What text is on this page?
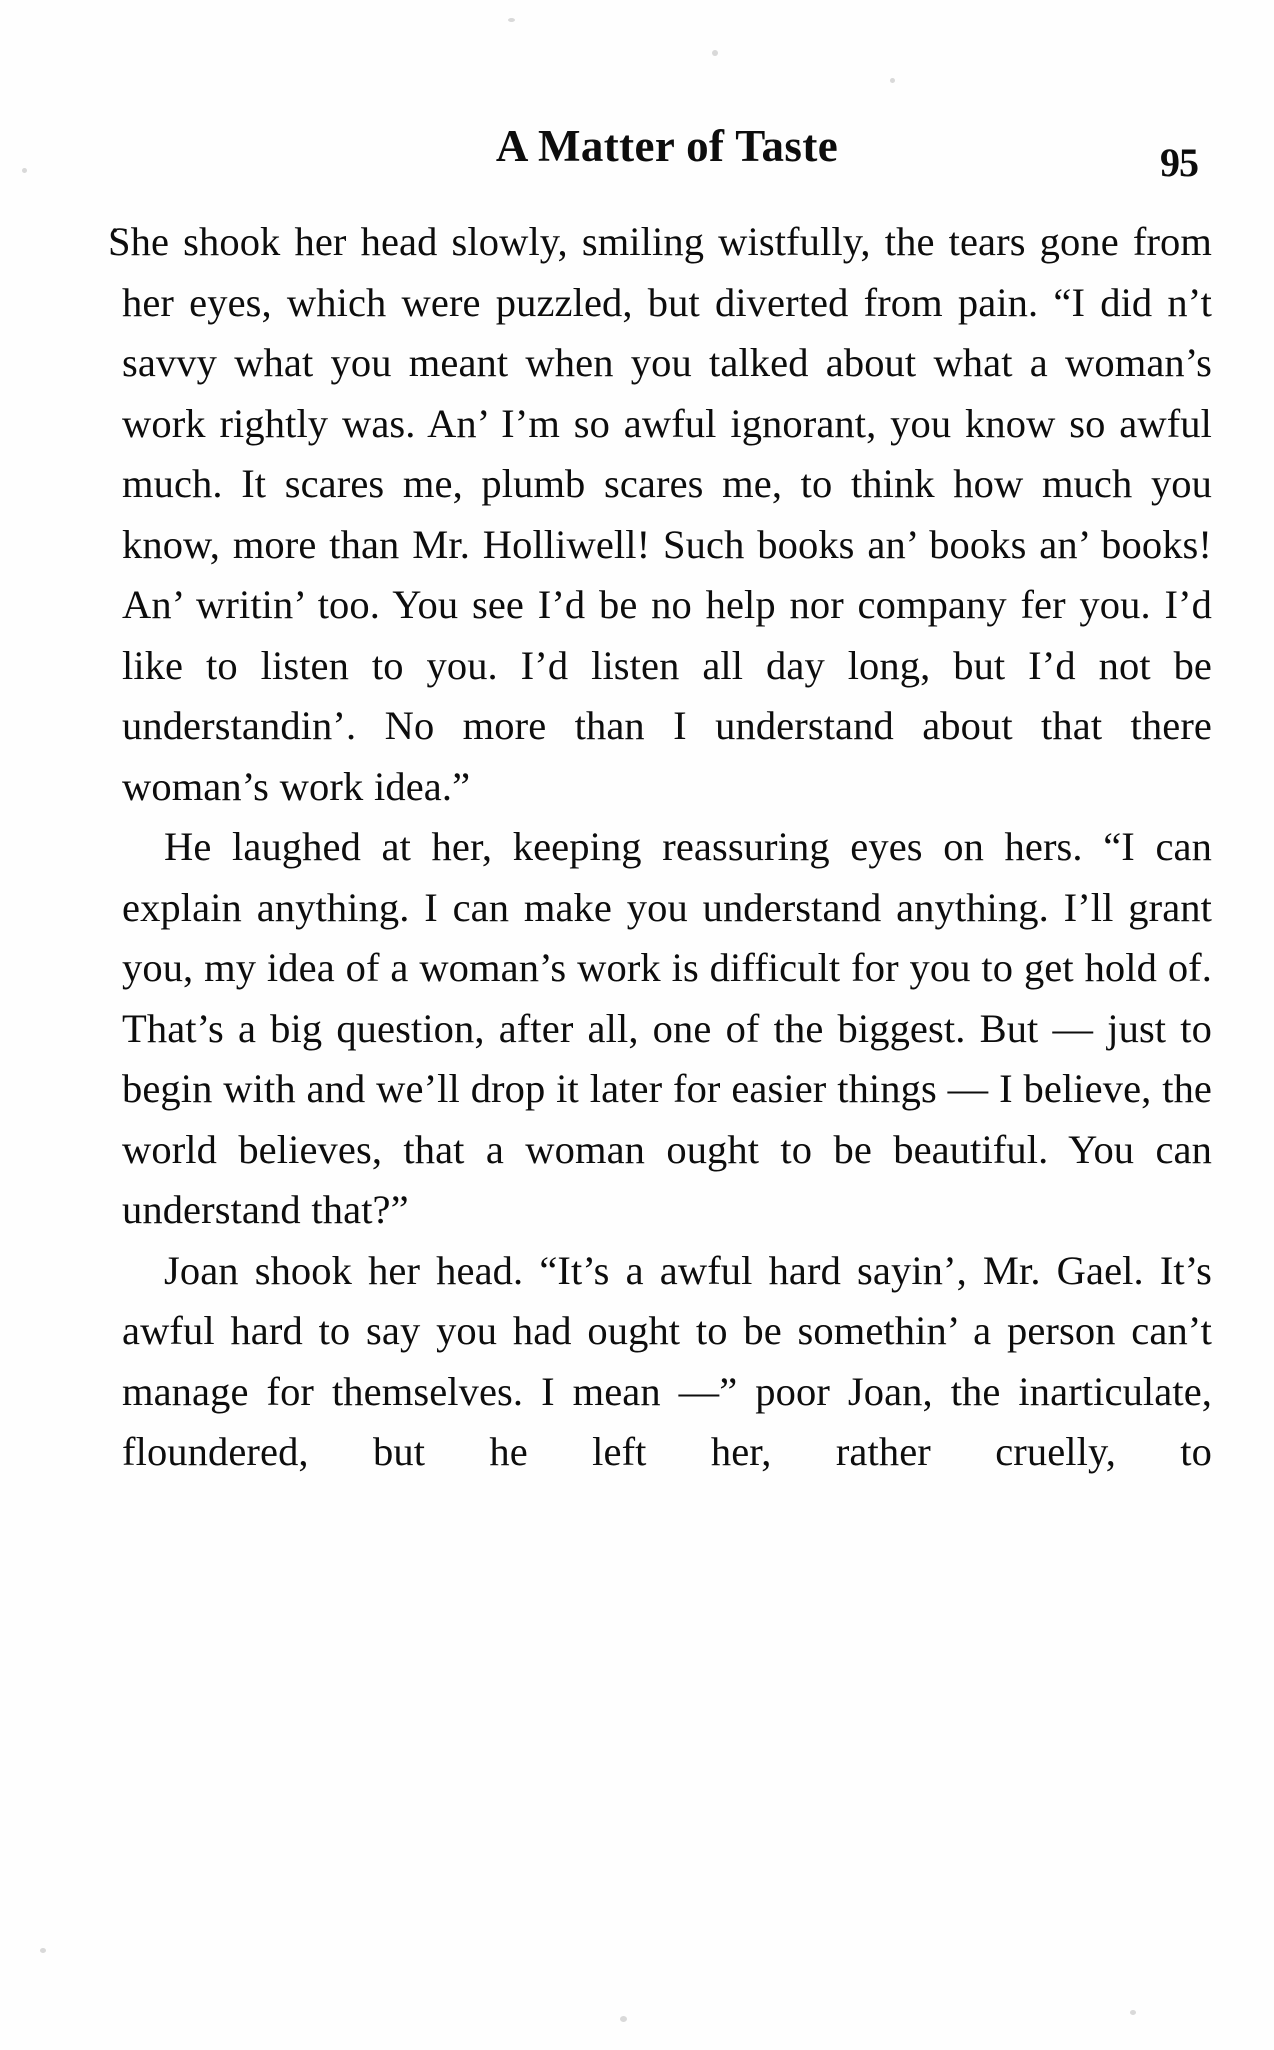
A Matter of Taste	95

˙ She shook her head slowly, smiling wistfully, the tears gone from her eyes, which were puzzled, but diverted from pain. “I did n’t savvy what you meant when you talked about what a woman’s work rightly was. An’ I’m so awful ignorant, you know so awful much. It scares me, plumb scares me, to think how much you know, more than Mr. Holliwell! Such books an’ books an’ books! An’ writin’ too. You see I’d be no help nor company fer you. I’d like to listen to you. I’d listen all day long, but I’d not be understandin’. No more than I understand about that there woman’s work idea.”

He laughed at her, keeping reassuring eyes on hers. “I can explain anything. I can make you understand anything. I’ll grant you, my idea of a woman’s work is difficult for you to get hold of. That’s a big question, after all, one of the biggest. But — just to begin with and we’ll drop it later for easier things — I believe, the world believes, that a woman ought to be beautiful. You can understand that?”

Joan shook her head. “It’s a awful hard sayin’, Mr. Gael. It’s awful hard to say you had ought to be somethin’ a person can’t manage for themselves. I mean —” poor Joan, the inarticulate, floundered, but he left her, rather cruelly, to
